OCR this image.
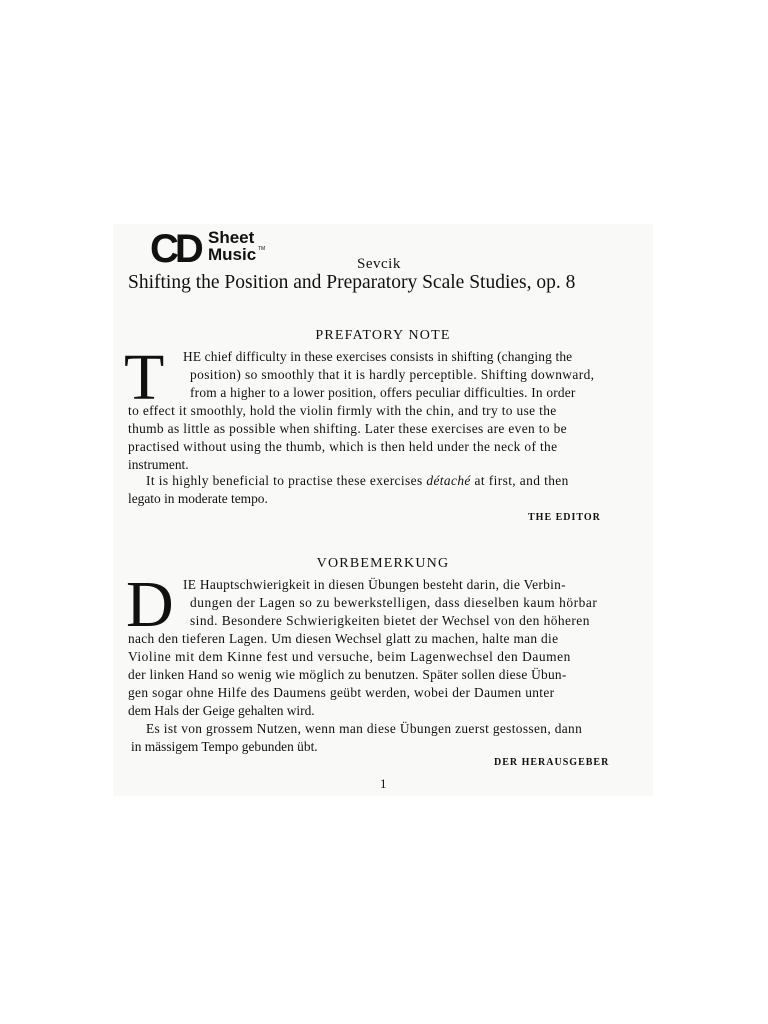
CD Sheet
Music TM
Sevcik
Shifting the Position and Preparatory Scale Studies, op. 8
PREFATORY NOTE
T HE chief difficulty in these exercises consists in shifting (changing the
position) so smoothly that it is hardly perceptible. Shifting downward,
from a higher to a lower position, offers peculiar difficulties. In order
to effect it smoothly, hold the violin firmly with the chin, and try to use the
thumb as little as possible when shifting. Later these exercises are even to be
practised without using the thumb, which is then held under the neck of the
instrument.
It is highly beneficial to practise these exercises détaché at first, and then
legato in moderate tempo.
THE EDITOR
VORBEMERKUNG
D IE Hauptschwierigkeit in diesen Übungen besteht darin, die Verbin-
dungen der Lagen so zu bewerkstelligen, dass dieselben kaum hörbar
sind. Besondere Schwierigkeiten bietet der Wechsel von den höheren
nach den tieferen Lagen. Um diesen Wechsel glatt zu machen, halte man die
Violine mit dem Kinne fest und versuche, beim Lagenwechsel den Daumen
der linken Hand so wenig wie möglich zu benutzen. Später sollen diese Übun-
gen sogar ohne Hilfe des Daumens geübt werden, wobei der Daumen unter
dem Hals der Geige gehalten wird.
Es ist von grossem Nutzen, wenn man diese Übungen zuerst gestossen, dann
in mässigem Tempo gebunden übt.
DER HERAUSGEBER
1
